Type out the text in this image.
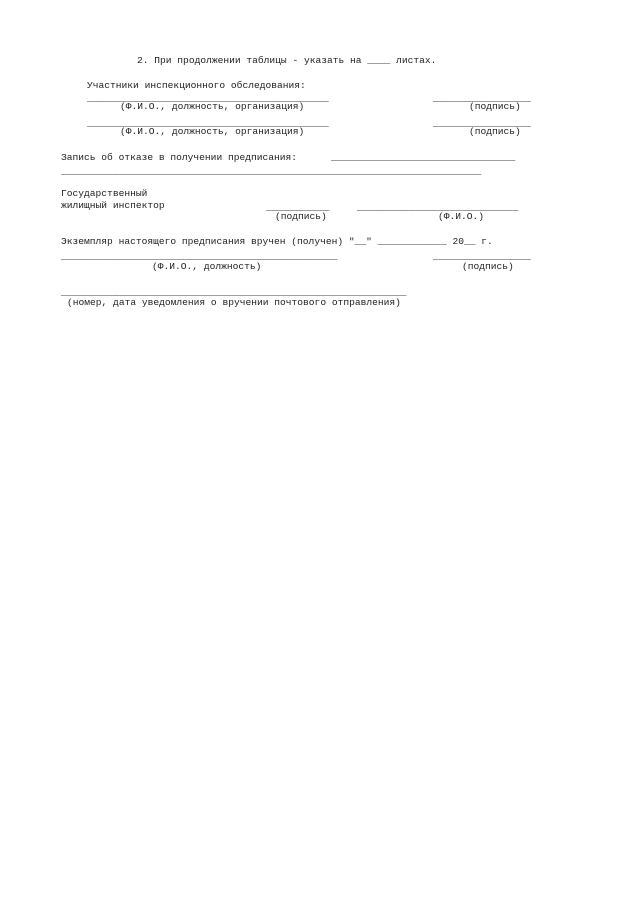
2. При продолжении таблицы - указать на ____ листах.
Участники инспекционного обследования:
__________________________________________	_________________
(Ф.И.О., должность, организация)	(подпись)
__________________________________________	_________________
(Ф.И.О., должность, организация)	(подпись)
Запись об отказе в получении предписания:	________________________________
_________________________________________________________________________
Государственный
жилищный инспектор	___________	____________________________
(подпись)	(Ф.И.О.)
Экземпляр настоящего предписания вручен (получен) "__" ____________ 20__ г.
________________________________________________	_________________
(Ф.И.О., должность)	(подпись)
____________________________________________________________
(номер, дата уведомления о вручении почтового отправления)
